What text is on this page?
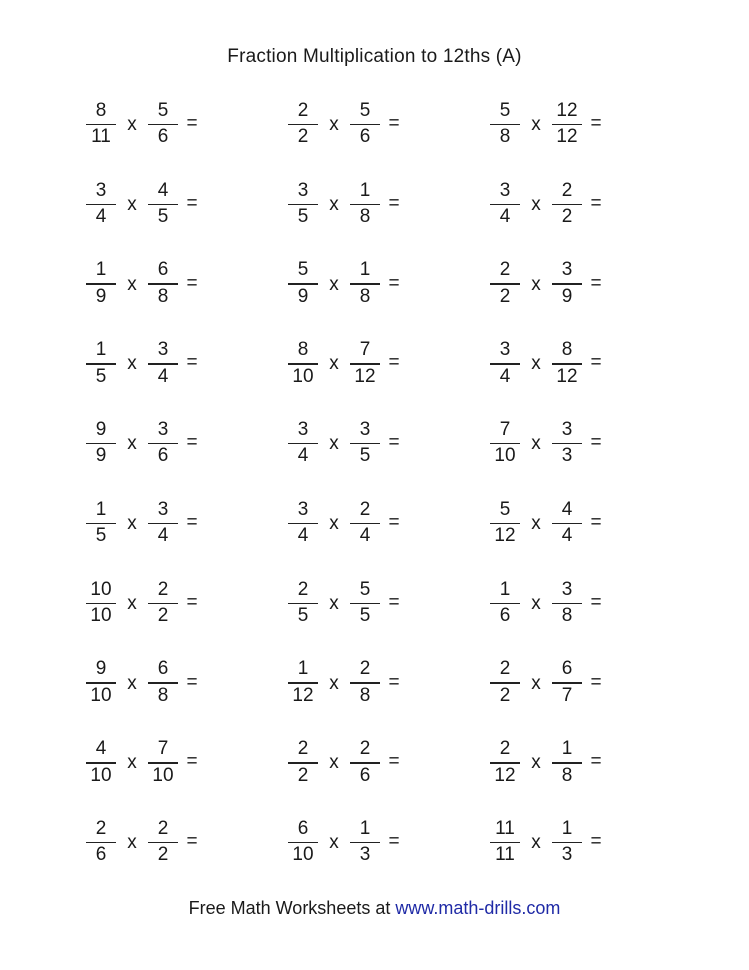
Fraction Multiplication to 12ths (A)
$\frac{8}{11}$ x $\frac{5}{6}$ =	$\frac{2}{2}$ x $\frac{5}{6}$ =	$\frac{5}{8}$ x $\frac{12}{12}$ =
$\frac{3}{4}$ x $\frac{4}{5}$ =	$\frac{3}{5}$ x $\frac{1}{8}$ =	$\frac{3}{4}$ x $\frac{2}{2}$ =
$\frac{1}{9}$ x $\frac{6}{8}$ =	$\frac{5}{9}$ x $\frac{1}{8}$ =	$\frac{2}{2}$ x $\frac{3}{9}$ =
$\frac{1}{5}$ x $\frac{3}{4}$ =	$\frac{8}{10}$ x $\frac{7}{12}$ =	$\frac{3}{4}$ x $\frac{8}{12}$ =
$\frac{9}{9}$ x $\frac{3}{6}$ =	$\frac{3}{4}$ x $\frac{3}{5}$ =	$\frac{7}{10}$ x $\frac{3}{3}$ =
$\frac{1}{5}$ x $\frac{3}{4}$ =	$\frac{3}{4}$ x $\frac{2}{4}$ =	$\frac{5}{12}$ x $\frac{4}{4}$ =
$\frac{10}{10}$ x $\frac{2}{2}$ =	$\frac{2}{5}$ x $\frac{5}{5}$ =	$\frac{1}{6}$ x $\frac{3}{8}$ =
$\frac{9}{10}$ x $\frac{6}{8}$ =	$\frac{1}{12}$ x $\frac{2}{8}$ =	$\frac{2}{2}$ x $\frac{6}{7}$ =
$\frac{4}{10}$ x $\frac{7}{10}$ =	$\frac{2}{2}$ x $\frac{2}{6}$ =	$\frac{2}{12}$ x $\frac{1}{8}$ =
$\frac{2}{6}$ x $\frac{2}{2}$ =	$\frac{6}{10}$ x $\frac{1}{3}$ =	$\frac{11}{11}$ x $\frac{1}{3}$ =
Free Math Worksheets at www.math-drills.com
